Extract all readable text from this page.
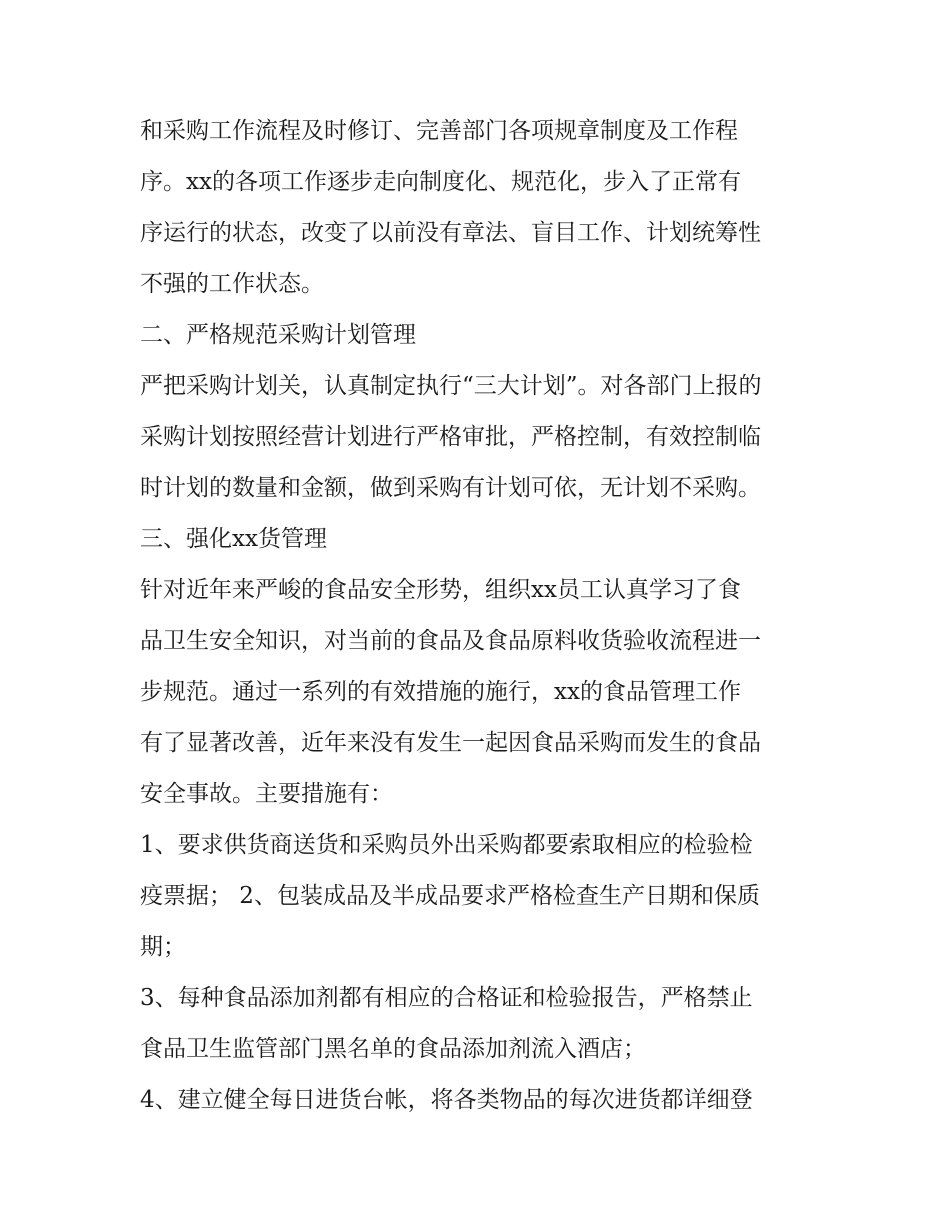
和采购工作流程及时修订、完善部门各项规章制度及工作程
序。xx的各项工作逐步走向制度化、规范化，步入了正常有
序运行的状态，改变了以前没有章法、盲目工作、计划统筹性
不强的工作状态。
二、严格规范采购计划管理
严把采购计划关，认真制定执行“三大计划”。对各部门上报的
采购计划按照经营计划进行严格审批，严格控制，有效控制临
时计划的数量和金额，做到采购有计划可依，无计划不采购。
三、强化xx货管理
针对近年来严峻的食品安全形势，组织xx员工认真学习了食
品卫生安全知识，对当前的食品及食品原料收货验收流程进一
步规范。通过一系列的有效措施的施行，xx的食品管理工作
有了显著改善，近年来没有发生一起因食品采购而发生的食品
安全事故。主要措施有：
1、要求供货商送货和采购员外出采购都要索取相应的检验检
疫票据； 2、包装成品及半成品要求严格检查生产日期和保质
期；
3、每种食品添加剂都有相应的合格证和检验报告，严格禁止
食品卫生监管部门黑名单的食品添加剂流入酒店；
4、建立健全每日进货台帐，将各类物品的每次进货都详细登
